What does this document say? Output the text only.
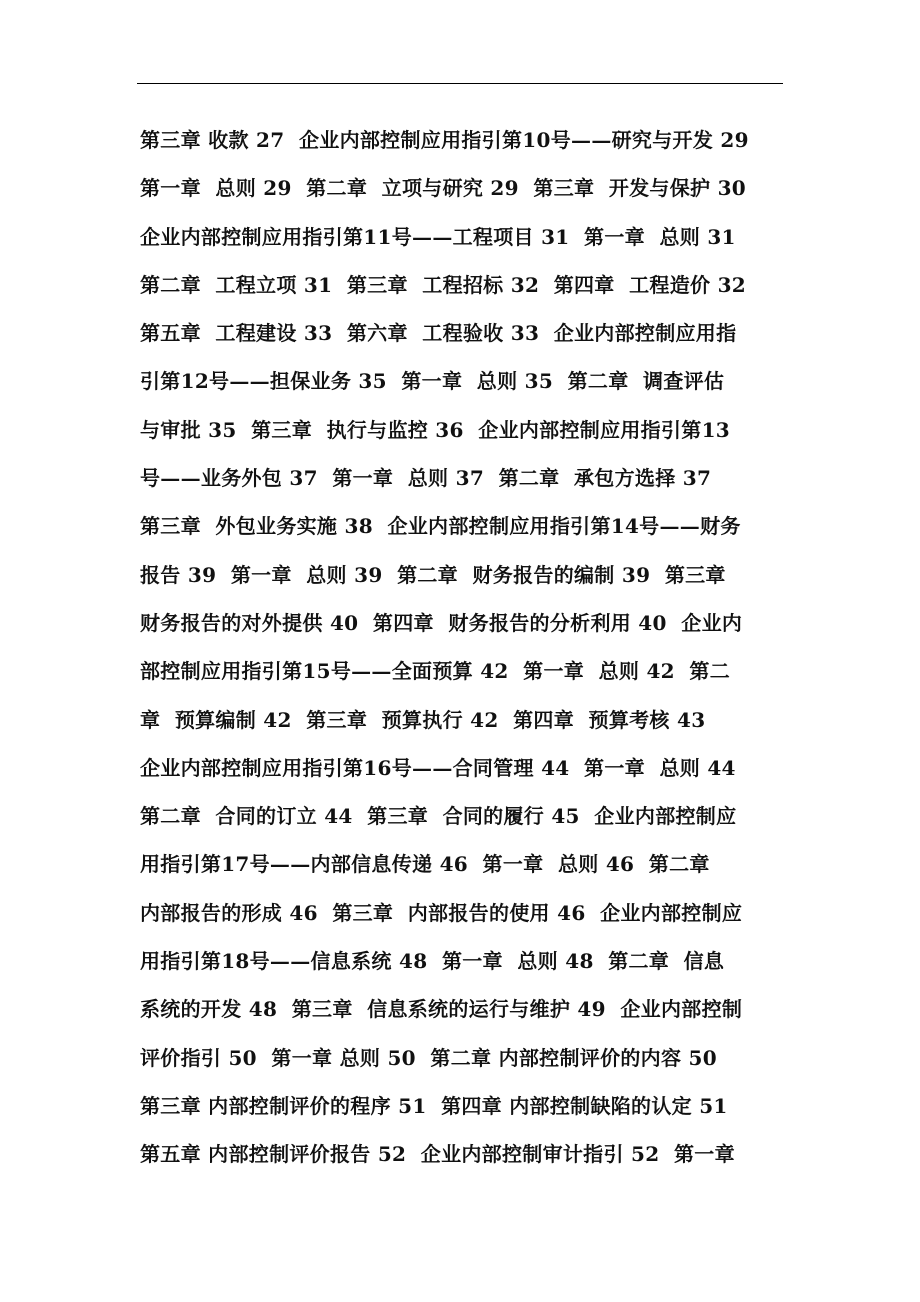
第三章 收款 27  企业内部控制应用指引第10号——研究与开发 29
第一章  总则 29  第二章  立项与研究 29  第三章  开发与保护 30
企业内部控制应用指引第11号——工程项目 31  第一章  总则 31
第二章  工程立项 31  第三章  工程招标 32  第四章  工程造价 32
第五章  工程建设 33  第六章  工程验收 33  企业内部控制应用指
引第12号——担保业务 35  第一章  总则 35  第二章  调查评估
与审批 35  第三章  执行与监控 36  企业内部控制应用指引第13
号——业务外包 37  第一章  总则 37  第二章  承包方选择 37
第三章  外包业务实施 38  企业内部控制应用指引第14号——财务
报告 39  第一章  总则 39  第二章  财务报告的编制 39  第三章
财务报告的对外提供 40  第四章  财务报告的分析利用 40  企业内
部控制应用指引第15号——全面预算 42  第一章  总则 42  第二
章  预算编制 42  第三章  预算执行 42  第四章  预算考核 43
企业内部控制应用指引第16号——合同管理 44  第一章  总则 44
第二章  合同的订立 44  第三章  合同的履行 45  企业内部控制应
用指引第17号——内部信息传递 46  第一章  总则 46  第二章
内部报告的形成 46  第三章  内部报告的使用 46  企业内部控制应
用指引第18号——信息系统 48  第一章  总则 48  第二章  信息
系统的开发 48  第三章  信息系统的运行与维护 49  企业内部控制
评价指引 50  第一章 总则 50  第二章 内部控制评价的内容 50
第三章 内部控制评价的程序 51  第四章 内部控制缺陷的认定 51
第五章 内部控制评价报告 52  企业内部控制审计指引 52  第一章
